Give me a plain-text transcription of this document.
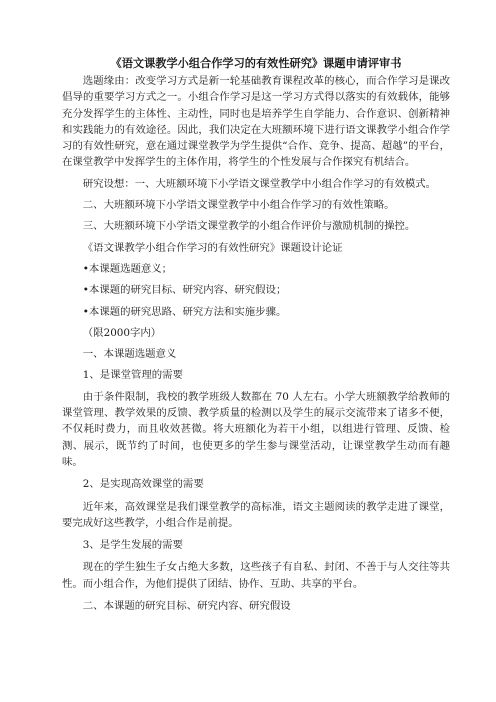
《语文课教学小组合作学习的有效性研究》课题申请评审书

选题缘由：改变学习方式是新一轮基础教育课程改革的核心，而合作学习是课改倡导的重要学习方式之一。小组合作学习是这一学习方式得以落实的有效载体，能够充分发挥学生的主体性、主动性，同时也是培养学生自学能力、合作意识、创新精神和实践能力的有效途径。因此，我们决定在大班额环境下进行语文课教学小组合作学习的有效性研究，意在通过课堂教学为学生提供“合作、竞争、提高、超越”的平台，在课堂教学中发挥学生的主体作用，将学生的个性发展与合作探究有机结合。

研究设想：一、大班额环境下小学语文课堂教学中小组合作学习的有效模式。

二、大班额环境下小学语文课堂教学中小组合作学习的有效性策略。

三、大班额环境下小学语文课堂教学的小组合作评价与激励机制的操控。

《语文课教学小组合作学习的有效性研究》课题设计论证

•本课题选题意义；

•本课题的研究目标、研究内容、研究假设；

•本课题的研究思路、研究方法和实施步骤。

（限2000字内）

一、本课题选题意义

1、是课堂管理的需要

由于条件限制，我校的教学班级人数都在 70 人左右。小学大班额教学给教师的课堂管理、教学效果的反馈、教学质量的检测以及学生的展示交流带来了诸多不便，不仅耗时费力，而且收效甚微。将大班额化为若干小组，以组进行管理、反馈、检测、展示，既节约了时间，也使更多的学生参与课堂活动，让课堂教学生动而有趣味。

2、是实现高效课堂的需要

近年来，高效课堂是我们课堂教学的高标准，语文主题阅读的教学走进了课堂，要完成好这些教学，小组合作是前提。

3、是学生发展的需要

现在的学生独生子女占绝大多数，这些孩子有自私、封闭、不善于与人交往等共性。而小组合作，为他们提供了团结、协作、互助、共享的平台。

二、本课题的研究目标、研究内容、研究假设
